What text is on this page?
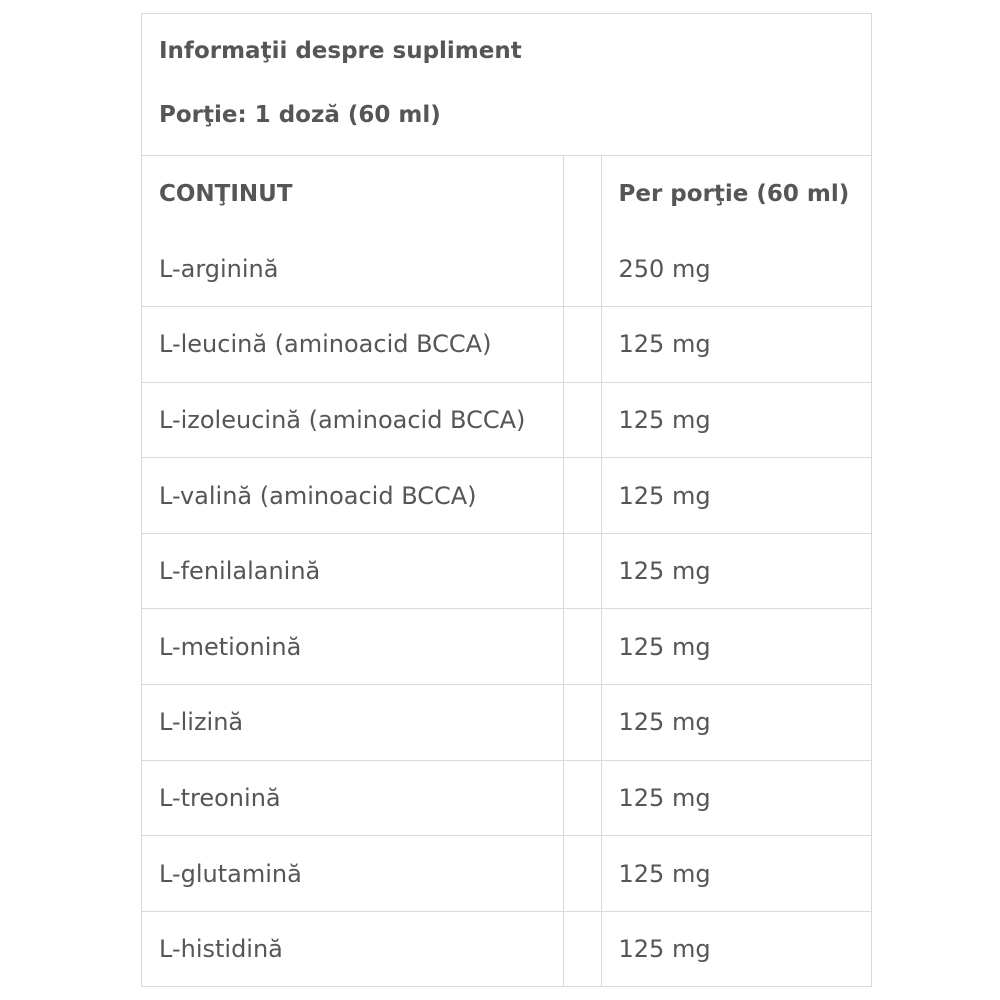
Informaţii despre supliment
Porţie: 1 doză (60 ml)
CONŢINUT		Per porţie (60 ml)
L-arginină		250 mg
L-leucină (aminoacid BCCA)		125 mg
L-izoleucină (aminoacid BCCA)		125 mg
L-valină (aminoacid BCCA)		125 mg
L-fenilalanină		125 mg
L-metionină		125 mg
L-lizină		125 mg
L-treonină		125 mg
L-glutamină		125 mg
L-histidină		125 mg
